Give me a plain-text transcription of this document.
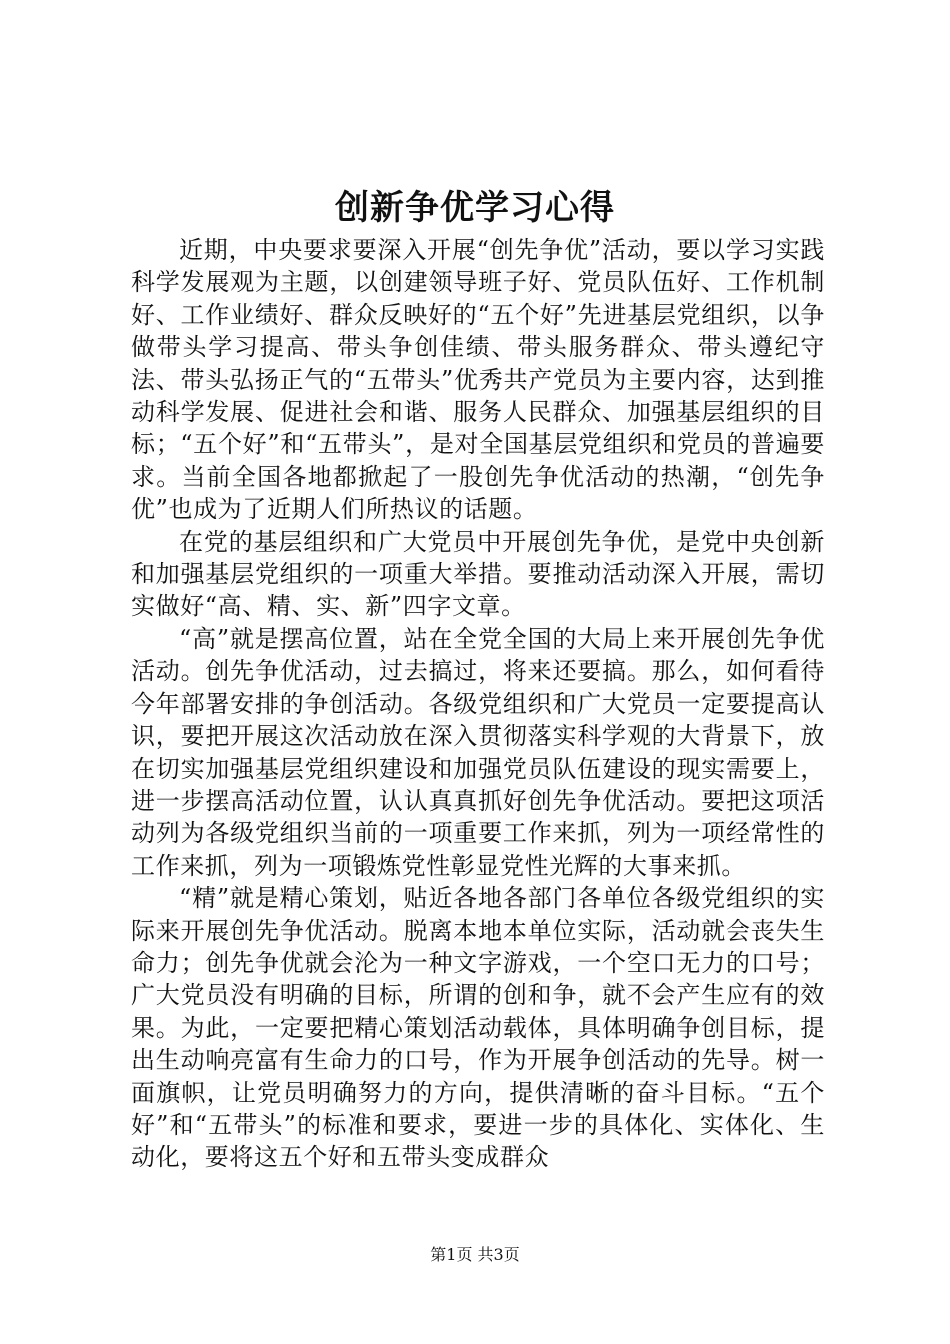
创新争优学习心得

近期，中央要求要深入开展“创先争优”活动，要以学习实践科学发展观为主题，以创建领导班子好、党员队伍好、工作机制好、工作业绩好、群众反映好的“五个好”先进基层党组织，以争做带头学习提高、带头争创佳绩、带头服务群众、带头遵纪守法、带头弘扬正气的“五带头”优秀共产党员为主要内容，达到推动科学发展、促进社会和谐、服务人民群众、加强基层组织的目标；“五个好”和“五带头”，是对全国基层党组织和党员的普遍要求。当前全国各地都掀起了一股创先争优活动的热潮，“创先争优”也成为了近期人们所热议的话题。

在党的基层组织和广大党员中开展创先争优，是党中央创新和加强基层党组织的一项重大举措。要推动活动深入开展，需切实做好“高、精、实、新”四字文章。

“高”就是摆高位置，站在全党全国的大局上来开展创先争优活动。创先争优活动，过去搞过，将来还要搞。那么，如何看待今年部署安排的争创活动。各级党组织和广大党员一定要提高认识，要把开展这次活动放在深入贯彻落实科学观的大背景下，放在切实加强基层党组织建设和加强党员队伍建设的现实需要上，进一步摆高活动位置，认认真真抓好创先争优活动。要把这项活动列为各级党组织当前的一项重要工作来抓，列为一项经常性的工作来抓，列为一项锻炼党性彰显党性光辉的大事来抓。

“精”就是精心策划，贴近各地各部门各单位各级党组织的实际来开展创先争优活动。脱离本地本单位实际，活动就会丧失生命力；创先争优就会沦为一种文字游戏，一个空口无力的口号；广大党员没有明确的目标，所谓的创和争，就不会产生应有的效果。为此，一定要把精心策划活动载体，具体明确争创目标，提出生动响亮富有生命力的口号，作为开展争创活动的先导。树一面旗帜，让党员明确努力的方向，提供清晰的奋斗目标。“五个好”和“五带头”的标准和要求，要进一步的具体化、实体化、生动化，要将这五个好和五带头变成群众

第1页 共3页
